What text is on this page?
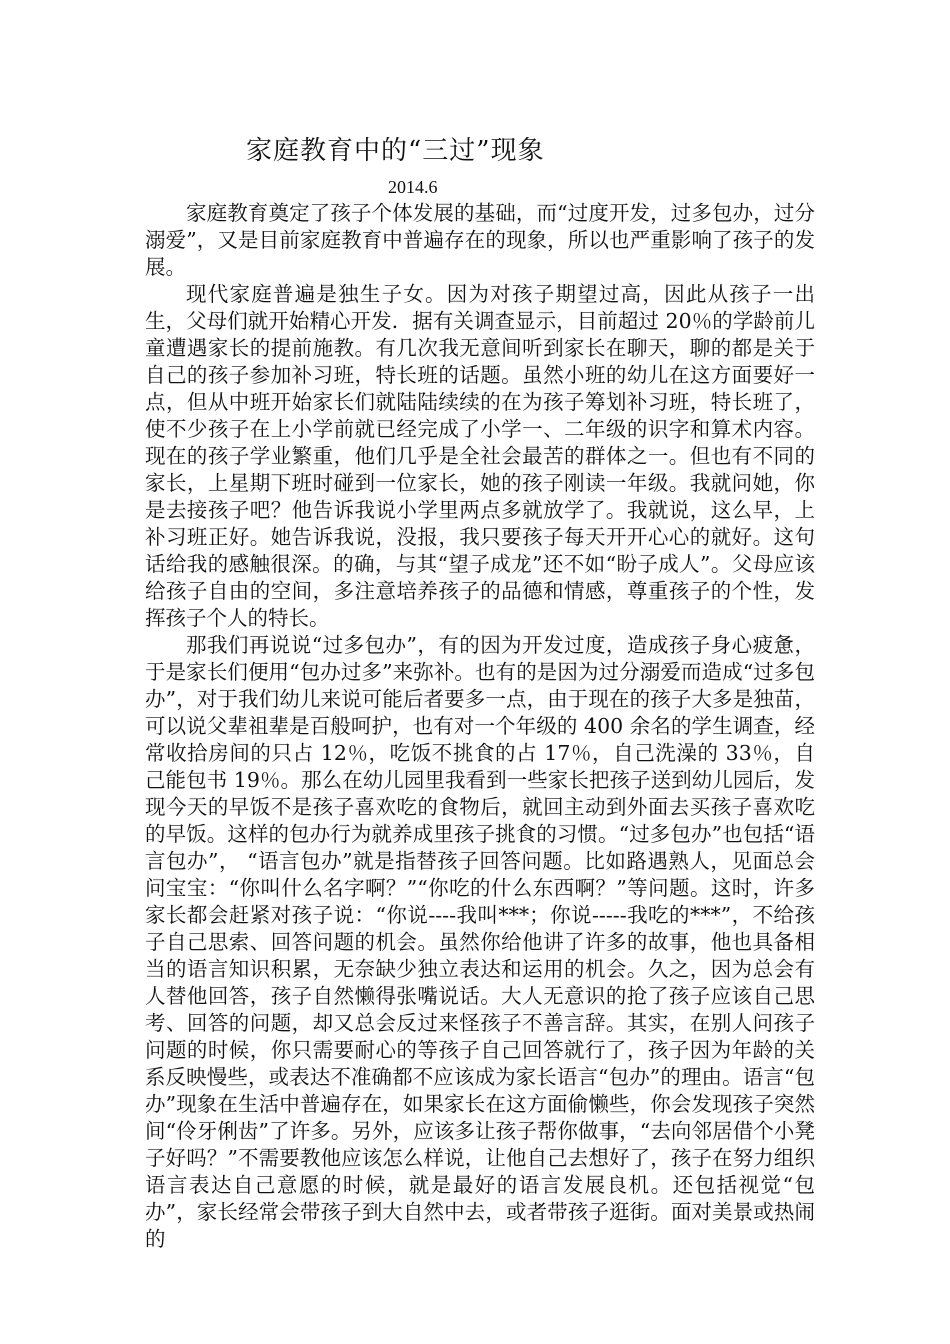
家庭教育中的“三过”现象
2014.6

家庭教育奠定了孩子个体发展的基础，而“过度开发，过多包办，过分溺爱”，又是目前家庭教育中普遍存在的现象，所以也严重影响了孩子的发展。

现代家庭普遍是独生子女。因为对孩子期望过高，因此从孩子一出生，父母们就开始精心开发．据有关调查显示，目前超过 20％的学龄前儿童遭遇家长的提前施教。有几次我无意间听到家长在聊天，聊的都是关于自己的孩子参加补习班，特长班的话题。虽然小班的幼儿在这方面要好一点，但从中班开始家长们就陆陆续续的在为孩子筹划补习班，特长班了，使不少孩子在上小学前就已经完成了小学一、二年级的识字和算术内容。现在的孩子学业繁重，他们几乎是全社会最苦的群体之一。但也有不同的家长，上星期下班时碰到一位家长，她的孩子刚读一年级。我就问她，你是去接孩子吧？他告诉我说小学里两点多就放学了。我就说，这么早，上补习班正好。她告诉我说，没报，我只要孩子每天开开心心的就好。这句话给我的感触很深。的确，与其“望子成龙”还不如“盼子成人”。父母应该给孩子自由的空间，多注意培养孩子的品德和情感，尊重孩子的个性，发挥孩子个人的特长。

那我们再说说“过多包办”，有的因为开发过度，造成孩子身心疲惫，于是家长们便用“包办过多”来弥补。也有的是因为过分溺爱而造成“过多包办”，对于我们幼儿来说可能后者要多一点，由于现在的孩子大多是独苗，可以说父辈祖辈是百般呵护，也有对一个年级的 400 余名的学生调查，经常收拾房间的只占 12％，吃饭不挑食的占 17％，自己洗澡的 33％，自己能包书 19％。那么在幼儿园里我看到一些家长把孩子送到幼儿园后，发现今天的早饭不是孩子喜欢吃的食物后，就回主动到外面去买孩子喜欢吃的早饭。这样的包办行为就养成里孩子挑食的习惯。“过多包办”也包括“语言包办”， “语言包办”就是指替孩子回答问题。比如路遇熟人，见面总会问宝宝：“你叫什么名字啊？”“你吃的什么东西啊？”等问题。这时，许多家长都会赶紧对孩子说：“你说----我叫***；你说-----我吃的***”，不给孩子自己思索、回答问题的机会。虽然你给他讲了许多的故事，他也具备相当的语言知识积累，无奈缺少独立表达和运用的机会。久之，因为总会有人替他回答，孩子自然懒得张嘴说话。大人无意识的抢了孩子应该自己思考、回答的问题，却又总会反过来怪孩子不善言辞。其实，在别人问孩子问题的时候，你只需要耐心的等孩子自己回答就行了，孩子因为年龄的关系反映慢些，或表达不准确都不应该成为家长语言“包办”的理由。语言“包办”现象在生活中普遍存在，如果家长在这方面偷懒些，你会发现孩子突然间“伶牙俐齿”了许多。另外，应该多让孩子帮你做事，“去向邻居借个小凳子好吗？”不需要教他应该怎么样说，让他自己去想好了，孩子在努力组织语言表达自己意愿的时候，就是最好的语言发展良机。还包括视觉“包办”，家长经常会带孩子到大自然中去，或者带孩子逛街。面对美景或热闹的
